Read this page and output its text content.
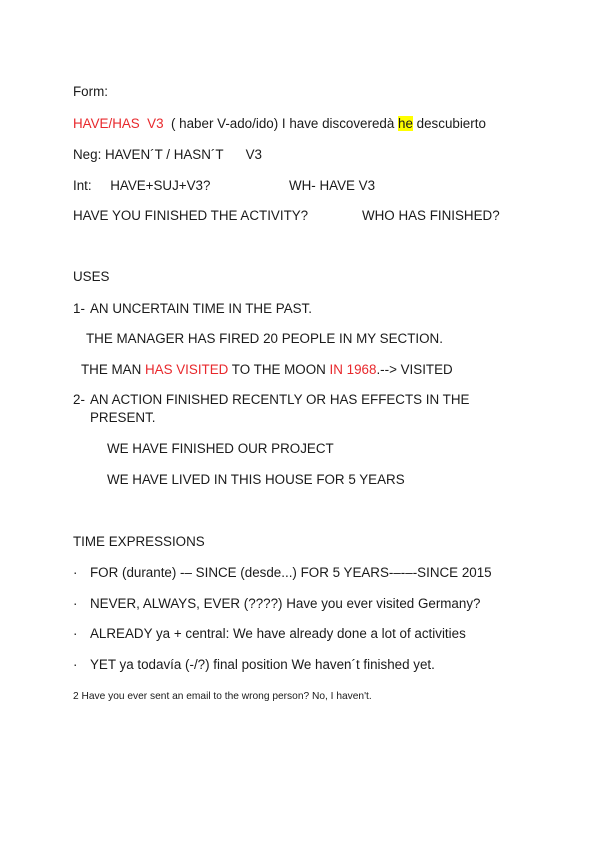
Form:
HAVE/HAS  V3  ( haber V-ado/ido) I have discoveredà he descubierto
Neg: HAVEN´T / HASN´T      V3
Int:     HAVE+SUJ+V3?	WH- HAVE V3
HAVE YOU FINISHED THE ACTIVITY?	WHO HAS FINISHED?
USES
1- AN UNCERTAIN TIME IN THE PAST.
THE MANAGER HAS FIRED 20 PEOPLE IN MY SECTION.
THE MAN HAS VISITED TO THE MOON IN 1968.--> VISITED
2- AN ACTION FINISHED RECENTLY OR HAS EFFECTS IN THE
PRESENT.
WE HAVE FINISHED OUR PROJECT
WE HAVE LIVED IN THIS HOUSE FOR 5 YEARS
TIME EXPRESSIONS
· FOR (durante) -– SINCE (desde...) FOR 5 YEARS-–-–-SINCE 2015
· NEVER, ALWAYS, EVER (????) Have you ever visited Germany?
· ALREADY ya + central: We have already done a lot of activities
· YET ya todavía (-/?) final position We haven´t finished yet.
2 Have you ever sent an email to the wrong person? No, I haven't.
